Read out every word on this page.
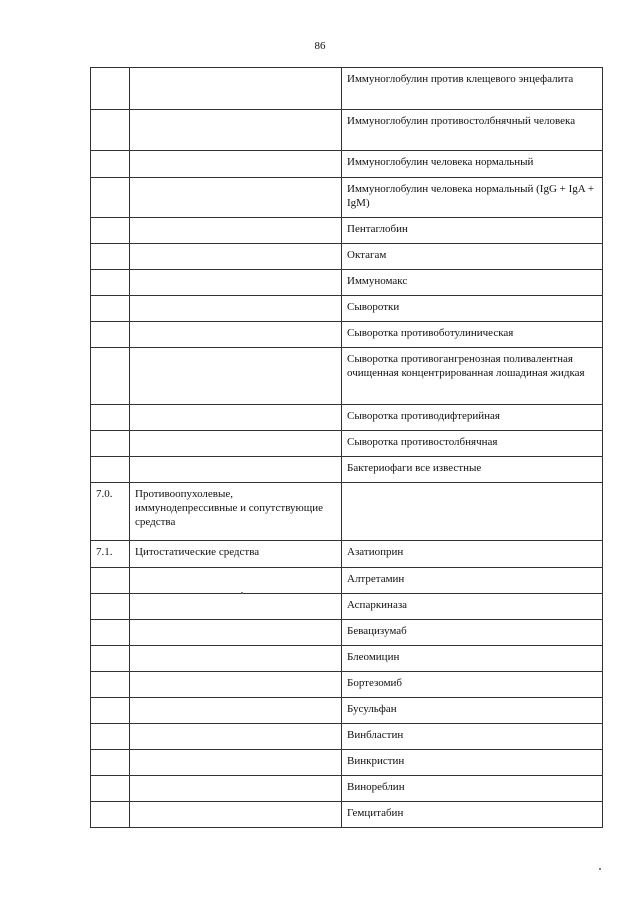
86
		Иммуноглобулин против клещевого энцефалита
		Иммуноглобулин противостолбнячный человека
		Иммуноглобулин человека нормальный
		Иммуноглобулин человека нормальный (IgG + IgA + IgM)
		Пентаглобин
		Октагам
		Иммуномакс
		Сыворотки
		Сыворотка противоботулиническая
		Сыворотка противогангренозная поливалентная очищенная концентрированная лошадиная жидкая
		Сыворотка противодифтерийная
		Сыворотка противостолбнячная
		Бактериофаги все известные
7.0.	Противоопухолевые, иммунодепрессивные и сопутствующие средства	
7.1.	Цитостатические средства	Азатиоприн
		Алтретамин
		Аспаркиназа
		Бевацизумаб
		Блеомицин
		Бортезомиб
		Бусульфан
		Винбластин
		Винкристин
		Винореблин
		Гемцитабин
